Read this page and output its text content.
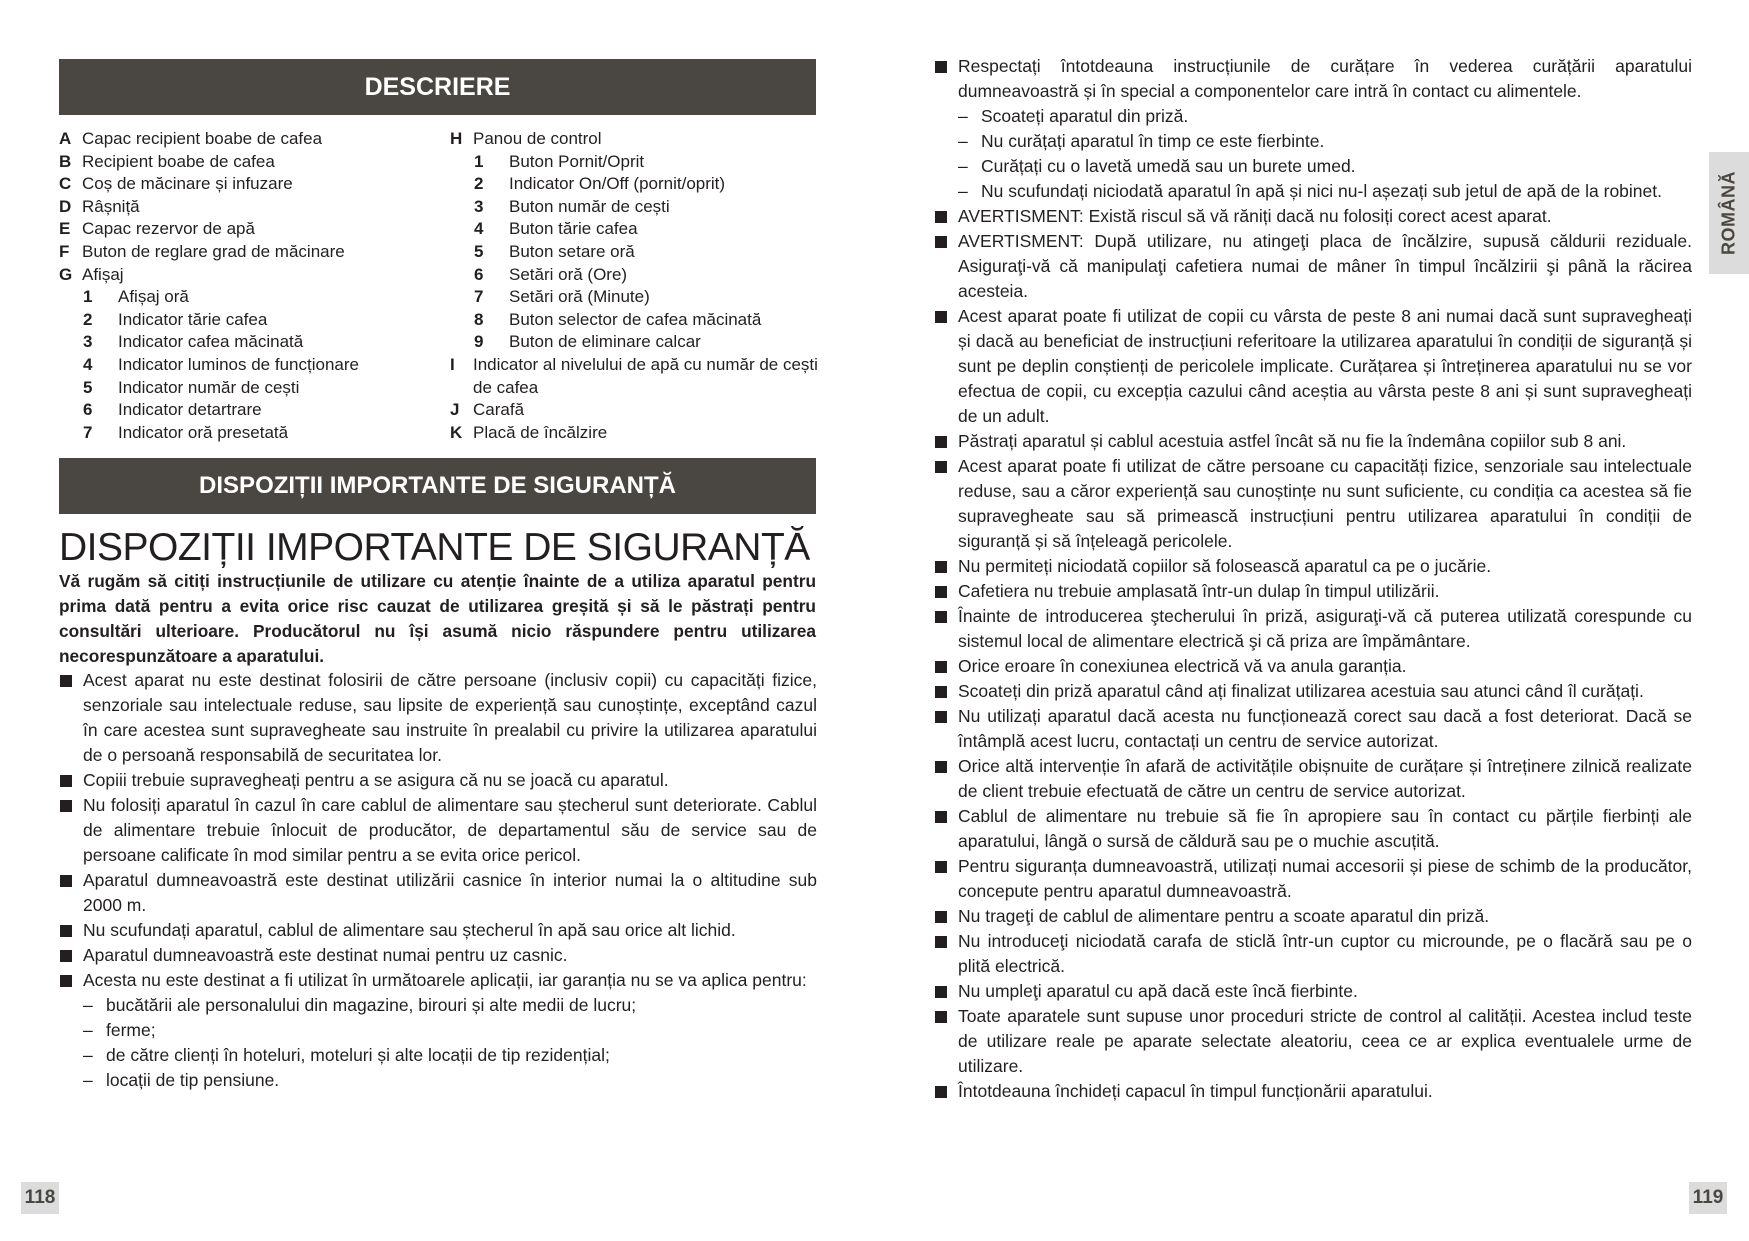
DESCRIERE
A Capac recipient boabe de cafea
B Recipient boabe de cafea
C Coș de măcinare și infuzare
D Râșniță
E Capac rezervor de apă
F Buton de reglare grad de măcinare
G Afișaj
1	Afișaj oră
2	Indicator tărie cafea
3	Indicator cafea măcinată
4	Indicator luminos de funcționare
5	Indicator număr de cești
6	Indicator detartrare
7	Indicator oră presetată
H Panou de control
1	Buton Pornit/Oprit
2	Indicator On/Off (pornit/oprit)
3	Buton număr de cești
4	Buton tărie cafea
5	Buton setare oră
6	Setări oră (Ore)
7	Setări oră (Minute)
8	Buton selector de cafea măcinată
9	Buton de eliminare calcar
I	Indicator al nivelului de apă cu număr de cești de cafea
J Carafă
K Placă de încălzire
DISPOZIȚII IMPORTANTE DE SIGURANȚĂ
DISPOZIȚII IMPORTANTE DE SIGURANȚĂ

Vă rugăm să citiți instrucțiunile de utilizare cu atenție înainte de a utiliza aparatul pentru prima dată pentru a evita orice risc cauzat de utilizarea greșită și să le păstrați pentru consultări ulterioare. Producătorul nu își asumă nicio răspundere pentru utilizarea necorespunzătoare a aparatului.

Acest aparat nu este destinat folosirii de către persoane (inclusiv copii) cu capacități fizice, senzoriale sau intelectuale reduse, sau lipsite de experiență sau cunoștințe, exceptând cazul în care acestea sunt supravegheate sau instruite în prealabil cu privire la utilizarea aparatului de o persoană responsabilă de securitatea lor.
Copiii trebuie supravegheați pentru a se asigura că nu se joacă cu aparatul.
Nu folosiți aparatul în cazul în care cablul de alimentare sau ștecherul sunt deteriorate. Cablul de alimentare trebuie înlocuit de producător, de departamentul său de service sau de persoane calificate în mod similar pentru a se evita orice pericol.
Aparatul dumneavoastră este destinat utilizării casnice în interior numai la o altitudine sub 2000 m.
Nu scufundați aparatul, cablul de alimentare sau ștecherul în apă sau orice alt lichid.
Aparatul dumneavoastră este destinat numai pentru uz casnic.
Acesta nu este destinat a fi utilizat în următoarele aplicații, iar garanția nu se va aplica pentru:
– bucătării ale personalului din magazine, birouri și alte medii de lucru;
– ferme;
– de către clienți în hoteluri, moteluri și alte locații de tip rezidențial;
– locații de tip pensiune.
118
Respectați întotdeauna instrucțiunile de curățare în vederea curățării aparatului dumneavoastră și în special a componentelor care intră în contact cu alimentele.
– Scoateți aparatul din priză.
– Nu curățați aparatul în timp ce este fierbinte.
– Curățați cu o lavetă umedă sau un burete umed.
– Nu scufundați niciodată aparatul în apă și nici nu-l așezați sub jetul de apă de la robinet.
AVERTISMENT: Există riscul să vă răniți dacă nu folosiți corect acest aparat.
AVERTISMENT: După utilizare, nu atingeţi placa de încălzire, supusă căldurii reziduale. Asiguraţi-vă că manipulaţi cafetiera numai de mâner în timpul încălzirii şi până la răcirea acesteia.
Acest aparat poate fi utilizat de copii cu vârsta de peste 8 ani numai dacă sunt supravegheați și dacă au beneficiat de instrucțiuni referitoare la utilizarea aparatului în condiții de siguranță și sunt pe deplin conștienți de pericolele implicate. Curățarea și întreținerea aparatului nu se vor efectua de copii, cu excepția cazului când aceștia au vârsta peste 8 ani și sunt supravegheați de un adult.
Păstrați aparatul și cablul acestuia astfel încât să nu fie la îndemâna copiilor sub 8 ani.
Acest aparat poate fi utilizat de către persoane cu capacități fizice, senzoriale sau intelectuale reduse, sau a căror experiență sau cunoștințe nu sunt suficiente, cu condiția ca acestea să fie supravegheate sau să primească instrucțiuni pentru utilizarea aparatului în condiții de siguranță și să înțeleagă pericolele.
Nu permiteți niciodată copiilor să folosească aparatul ca pe o jucărie.
Cafetiera nu trebuie amplasată într-un dulap în timpul utilizării.
Înainte de introducerea ştecherului în priză, asiguraţi-vă că puterea utilizată corespunde cu sistemul local de alimentare electrică şi că priza are împământare.
Orice eroare în conexiunea electrică vă va anula garanția.
Scoateți din priză aparatul când ați finalizat utilizarea acestuia sau atunci când îl curățați.
Nu utilizați aparatul dacă acesta nu funcționează corect sau dacă a fost deteriorat. Dacă se întâmplă acest lucru, contactați un centru de service autorizat.
Orice altă intervenție în afară de activitățile obișnuite de curățare și întreținere zilnică realizate de client trebuie efectuată de către un centru de service autorizat.
Cablul de alimentare nu trebuie să fie în apropiere sau în contact cu părțile fierbinți ale aparatului, lângă o sursă de căldură sau pe o muchie ascuțită.
Pentru siguranța dumneavoastră, utilizați numai accesorii și piese de schimb de la producător, concepute pentru aparatul dumneavoastră.
Nu trageţi de cablul de alimentare pentru a scoate aparatul din priză.
Nu introduceţi niciodată carafa de sticlă într-un cuptor cu microunde, pe o flacără sau pe o plită electrică.
Nu umpleţi aparatul cu apă dacă este încă fierbinte.
Toate aparatele sunt supuse unor proceduri stricte de control al calității. Acestea includ teste de utilizare reale pe aparate selectate aleatoriu, ceea ce ar explica eventualele urme de utilizare.
Întotdeauna închideți capacul în timpul funcționării aparatului.
ROMÂNĂ
119
